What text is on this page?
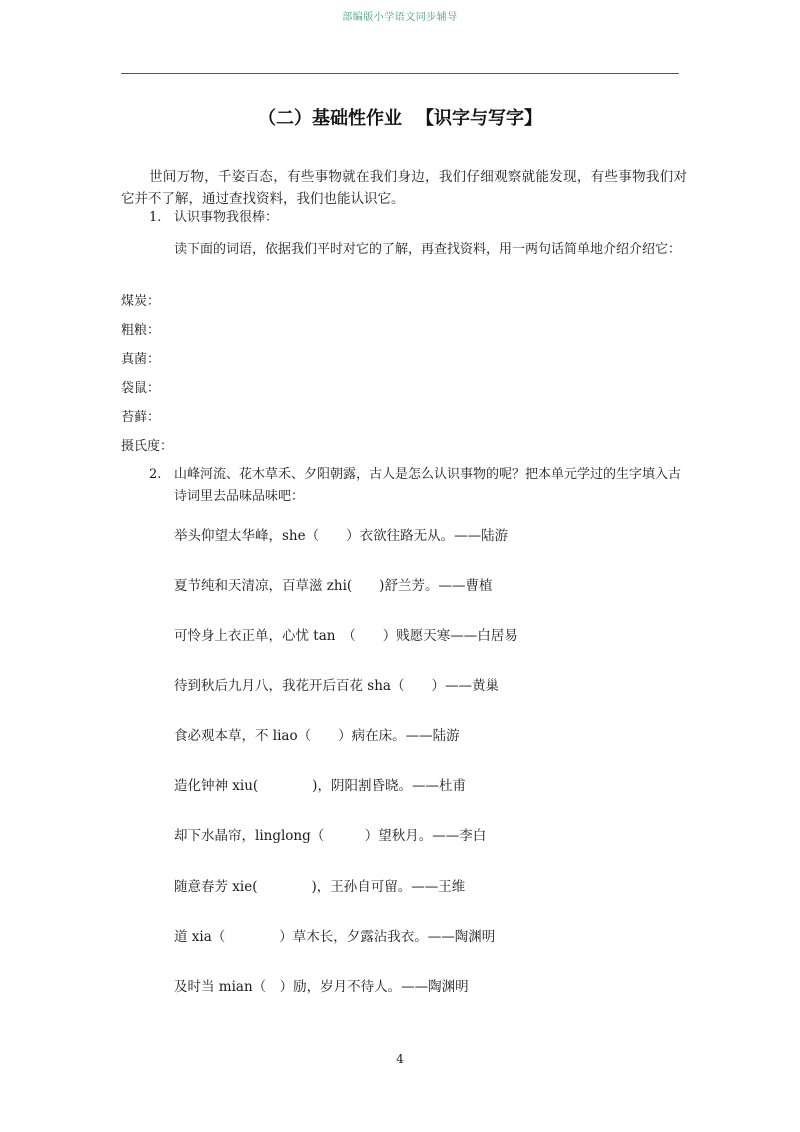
部编版小学语文同步辅导
（二）基础性作业 【识字与写字】

世间万物，千姿百态，有些事物就在我们身边，我们仔细观察就能发现，有些事物我们对它并不了解，通过查找资料，我们也能认识它。

1. 认识事物我很棒：

读下面的词语，依据我们平时对它的了解，再查找资料，用一两句话简单地介绍介绍它：

煤炭：

粗粮：

真菌：

袋鼠：

苔藓：

摄氏度：

2. 山峰河流、花木草禾、夕阳朝露，古人是怎么认识事物的呢？把本单元学过的生字填入古诗词里去品味品味吧：

举头仰望太华峰，she（　　）衣欲往路无从。——陆游

夏节纯和天清凉，百草滋 zhi(　　)舒兰芳。——曹植

可怜身上衣正单，心忧 tan　（　　）贱愿天寒——白居易

待到秋后九月八，我花开后百花 sha（　　）——黄巢

食必观本草，不 liao（　　）病在床。——陆游

造化钟神 xiu(　　　　)，阴阳割昏晓。——杜甫

却下水晶帘，linglong（　　　）望秋月。——李白

随意春芳 xie(　　　　)，王孙自可留。——王维

道 xia（　　　　）草木长，夕露沾我衣。——陶渊明

及时当 mian（　）励，岁月不待人。——陶渊明

4
